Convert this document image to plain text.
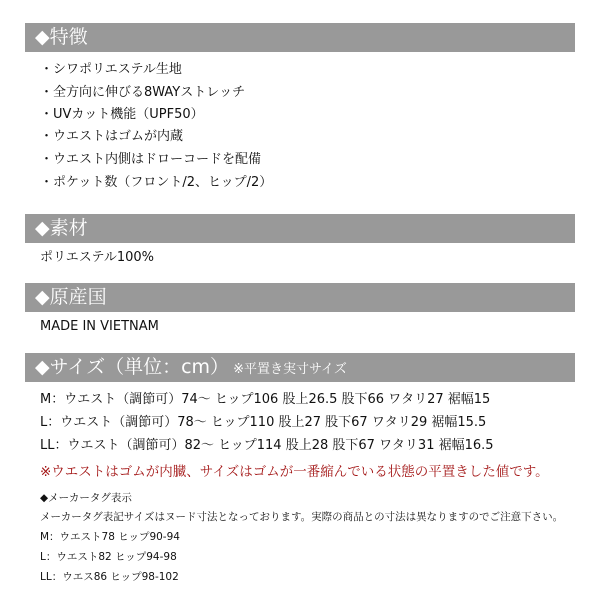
◆特徴
・シワポリエステル生地
・全方向に伸びる8WAYストレッチ
・UVカット機能（UPF50）
・ウエストはゴムが内蔵
・ウエスト内側はドローコードを配備
・ポケット数（フロント/2、ヒップ/2）
◆素材
ポリエステル100%
◆原産国
MADE IN VIETNAM
◆サイズ（単位：cm） ※平置き実寸サイズ
M：ウエスト（調節可）74～ ヒップ106 股上26.5 股下66 ワタリ27 裾幅15
L：ウエスト（調節可）78～ ヒップ110 股上27 股下67 ワタリ29 裾幅15.5
LL：ウエスト（調節可）82～ ヒップ114 股上28 股下67 ワタリ31 裾幅16.5
※ウエストはゴムが内臓、サイズはゴムが一番縮んでいる状態の平置きした値です。
◆メーカータグ表示
メーカータグ表記サイズはヌード寸法となっております。実際の商品との寸法は異なりますのでご注意下さい。
M：ウエスト78 ヒップ90-94
L：ウエスト82 ヒップ94-98
LL：ウエス86 ヒップ98-102
